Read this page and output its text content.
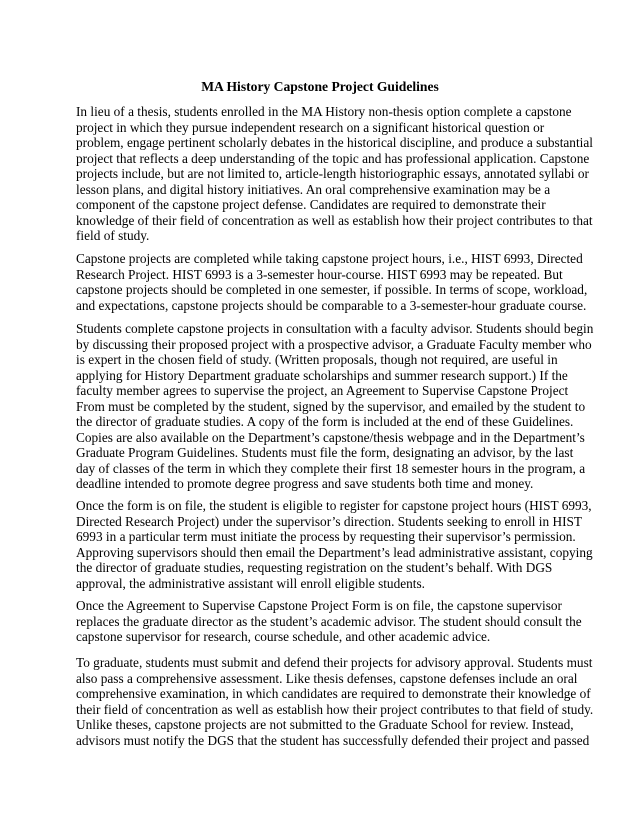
MA History Capstone Project Guidelines
In lieu of a thesis, students enrolled in the MA History non-thesis option complete a capstone
project in which they pursue independent research on a significant historical question or
problem, engage pertinent scholarly debates in the historical discipline, and produce a substantial
project that reflects a deep understanding of the topic and has professional application. Capstone
projects include, but are not limited to, article-length historiographic essays, annotated syllabi or
lesson plans, and digital history initiatives. An oral comprehensive examination may be a
component of the capstone project defense. Candidates are required to demonstrate their
knowledge of their field of concentration as well as establish how their project contributes to that
field of study.
Capstone projects are completed while taking capstone project hours, i.e., HIST 6993, Directed
Research Project. HIST 6993 is a 3-semester hour-course. HIST 6993 may be repeated. But
capstone projects should be completed in one semester, if possible. In terms of scope, workload,
and expectations, capstone projects should be comparable to a 3-semester-hour graduate course.
Students complete capstone projects in consultation with a faculty advisor. Students should begin
by discussing their proposed project with a prospective advisor, a Graduate Faculty member who
is expert in the chosen field of study. (Written proposals, though not required, are useful in
applying for History Department graduate scholarships and summer research support.) If the
faculty member agrees to supervise the project, an Agreement to Supervise Capstone Project
From must be completed by the student, signed by the supervisor, and emailed by the student to
the director of graduate studies. A copy of the form is included at the end of these Guidelines.
Copies are also available on the Department’s capstone/thesis webpage and in the Department’s
Graduate Program Guidelines. Students must file the form, designating an advisor, by the last
day of classes of the term in which they complete their first 18 semester hours in the program, a
deadline intended to promote degree progress and save students both time and money.
Once the form is on file, the student is eligible to register for capstone project hours (HIST 6993,
Directed Research Project) under the supervisor’s direction. Students seeking to enroll in HIST
6993 in a particular term must initiate the process by requesting their supervisor’s permission.
Approving supervisors should then email the Department’s lead administrative assistant, copying
the director of graduate studies, requesting registration on the student’s behalf. With DGS
approval, the administrative assistant will enroll eligible students.
Once the Agreement to Supervise Capstone Project Form is on file, the capstone supervisor
replaces the graduate director as the student’s academic advisor. The student should consult the
capstone supervisor for research, course schedule, and other academic advice.
To graduate, students must submit and defend their projects for advisory approval. Students must
also pass a comprehensive assessment. Like thesis defenses, capstone defenses include an oral
comprehensive examination, in which candidates are required to demonstrate their knowledge of
their field of concentration as well as establish how their project contributes to that field of study.
Unlike theses, capstone projects are not submitted to the Graduate School for review. Instead,
advisors must notify the DGS that the student has successfully defended their project and passed
